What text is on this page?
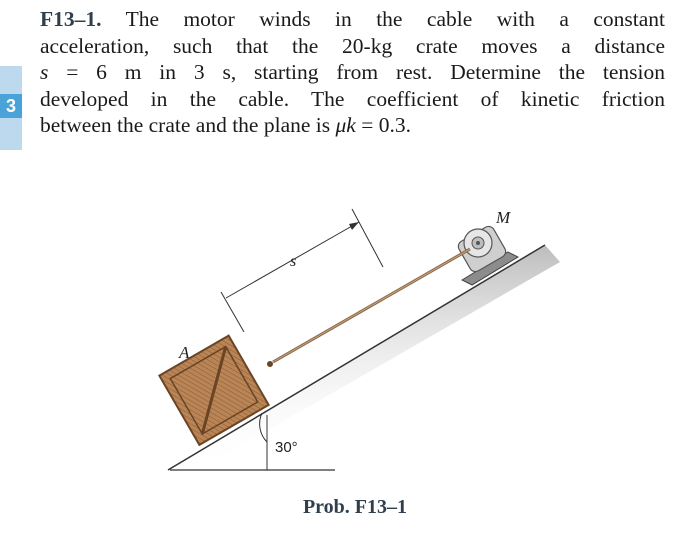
3
F13–1. The motor winds in the cable with a constant
acceleration, such that the 20-kg crate moves a distance
s = 6 m in 3 s, starting from rest. Determine the tension
developed in the cable. The coefficient of kinetic friction
between the crate and the plane is μk = 0.3.
30°
M
A
s
Prob. F13–1
